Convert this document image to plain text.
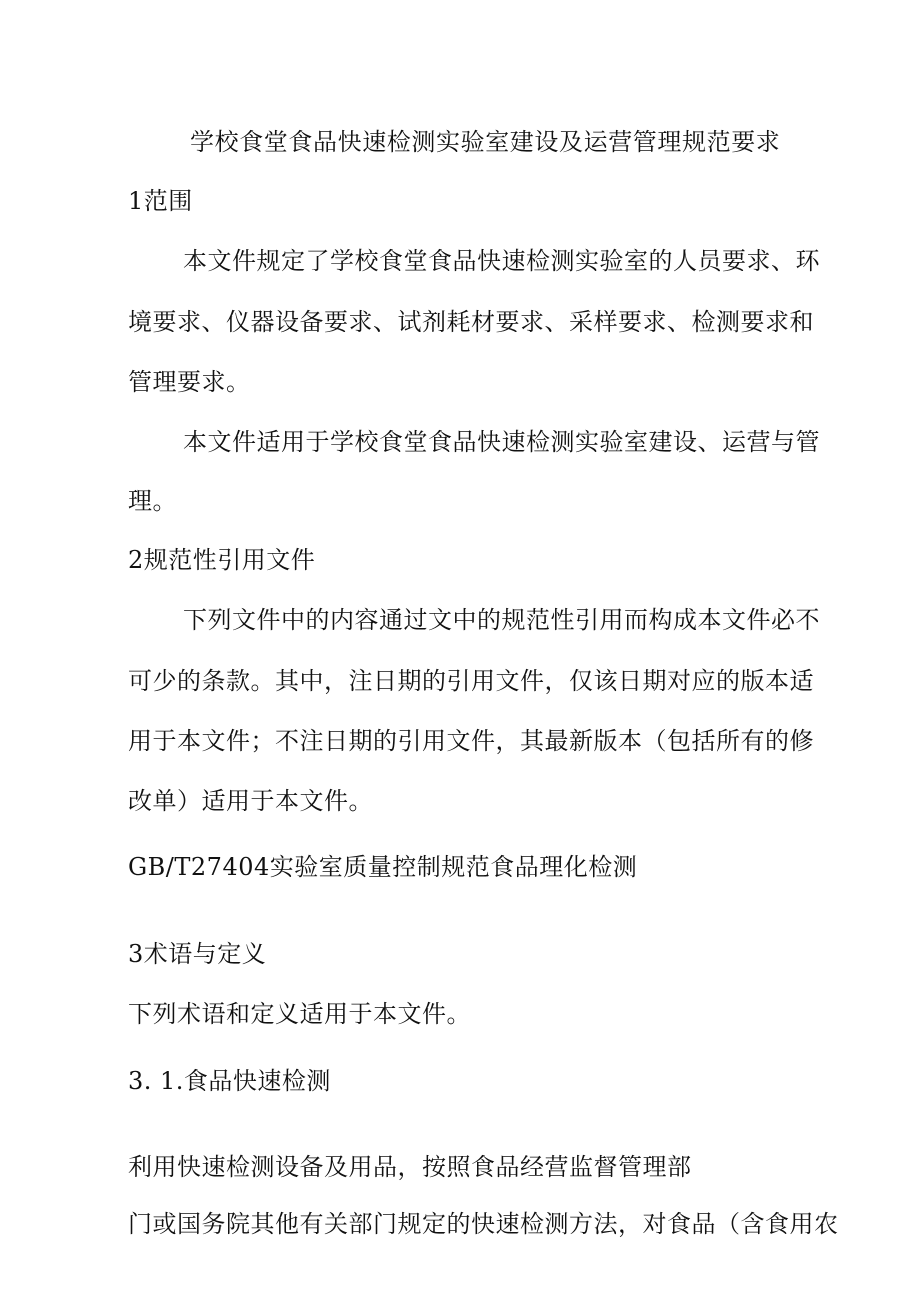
学校食堂食品快速检测实验室建设及运营管理规范要求
1范围
本文件规定了学校食堂食品快速检测实验室的人员要求、环
境要求、仪器设备要求、试剂耗材要求、采样要求、检测要求和
管理要求。
本文件适用于学校食堂食品快速检测实验室建设、运营与管
理。
2规范性引用文件
下列文件中的内容通过文中的规范性引用而构成本文件必不
可少的条款。其中，注日期的引用文件，仅该日期对应的版本适
用于本文件；不注日期的引用文件，其最新版本（包括所有的修
改单）适用于本文件。
GB/T27404实验室质量控制规范食品理化检测
3术语与定义
下列术语和定义适用于本文件。
3. 1.食品快速检测
利用快速检测设备及用品，按照食品经营监督管理部
门或国务院其他有关部门规定的快速检测方法，对食品（含食用农
